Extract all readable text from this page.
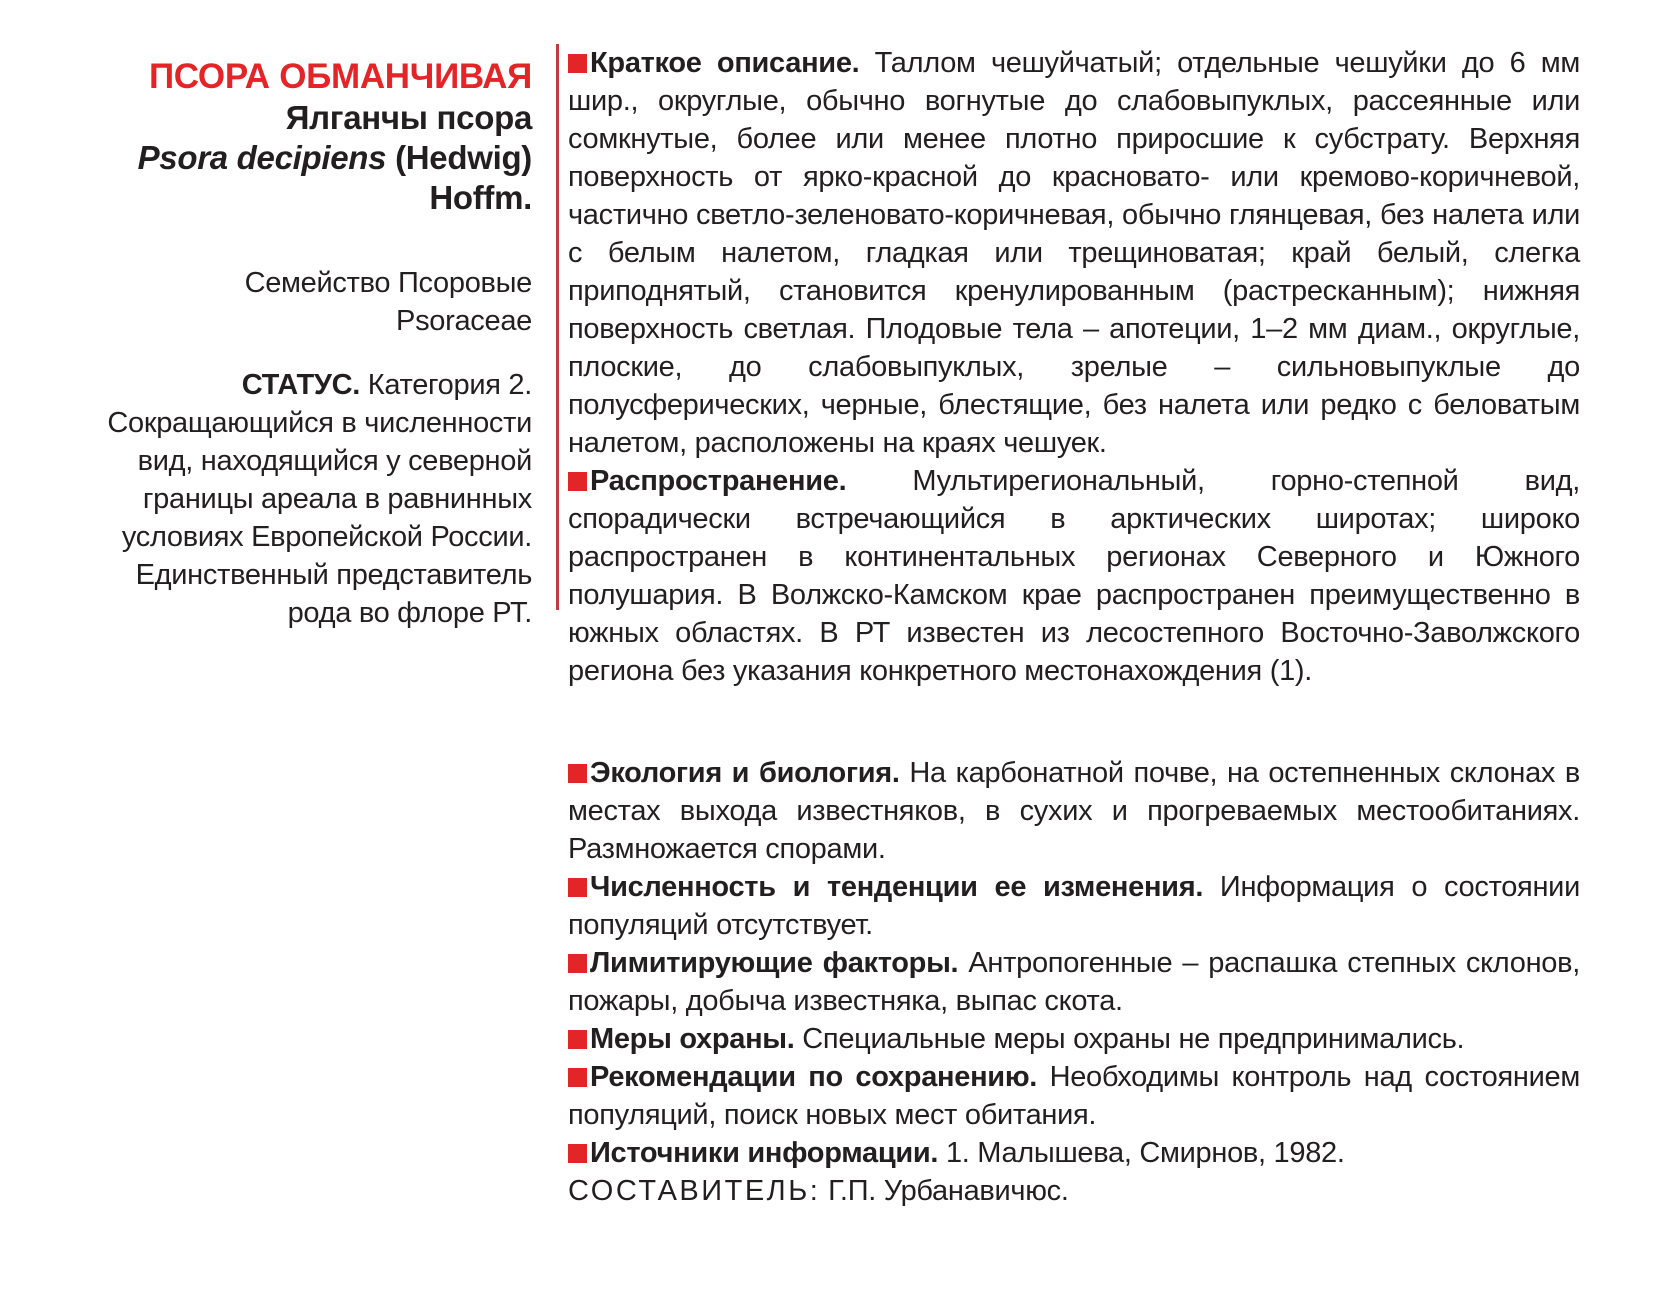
ПСОРА ОБМАНЧИВАЯ
Ялганчы псора
Psora decipiens (Hedwig)
Hoffm.
Семейство Псоровые
Psoraceae
СТАТУС. Категория 2.
Сокращающийся в численности
вид, находящийся у северной
границы ареала в равнинных
условиях Европейской России.
Единственный представитель
рода во флоре РТ.

Краткое описание. Таллом чешуйчатый; отдельные чешуйки до 6 мм шир., округлые, обычно вогнутые до слабовыпуклых, рассеянные или сомкнутые, более или менее плотно приросшие к субстрату. Верхняя поверхность от ярко-красной до красновато- или кремово-коричневой, частично светло-зеленовато-коричневая, обычно глянцевая, без налета или с белым налетом, гладкая или трещиноватая; край белый, слегка приподнятый, становится кренулированным (растресканным); нижняя поверхность светлая. Плодовые тела – апотеции, 1–2 мм диам., округлые, плоские, до слабовыпуклых, зрелые – сильновыпуклые до полусферических, черные, блестящие, без налета или редко с беловатым налетом, расположены на краях чешуек.

Распространение. Мультирегиональный, горно-степной вид, спорадически встречающийся в арктических широтах; широко распространен в континентальных регионах Северного и Южного полушария. В Волжско-Камском крае распространен преимущественно в южных областях. В РТ известен из лесостепного Восточно-Заволжского региона без указания конкретного местонахождения (1).

Экология и биология. На карбонатной почве, на остепненных склонах в местах выхода известняков, в сухих и прогреваемых местообитаниях. Размножается спорами.

Численность и тенденции ее изменения. Информация о состоянии популяций отсутствует.

Лимитирующие факторы. Антропогенные – распашка степных склонов, пожары, добыча известняка, выпас скота.

Меры охраны. Специальные меры охраны не предпринимались.

Рекомендации по сохранению. Необходимы контроль над состоянием популяций, поиск новых мест обитания.

Источники информации. 1. Малышева, Смирнов, 1982.

СОСТАВИТЕЛЬ: Г.П. Урбанавичюс.
